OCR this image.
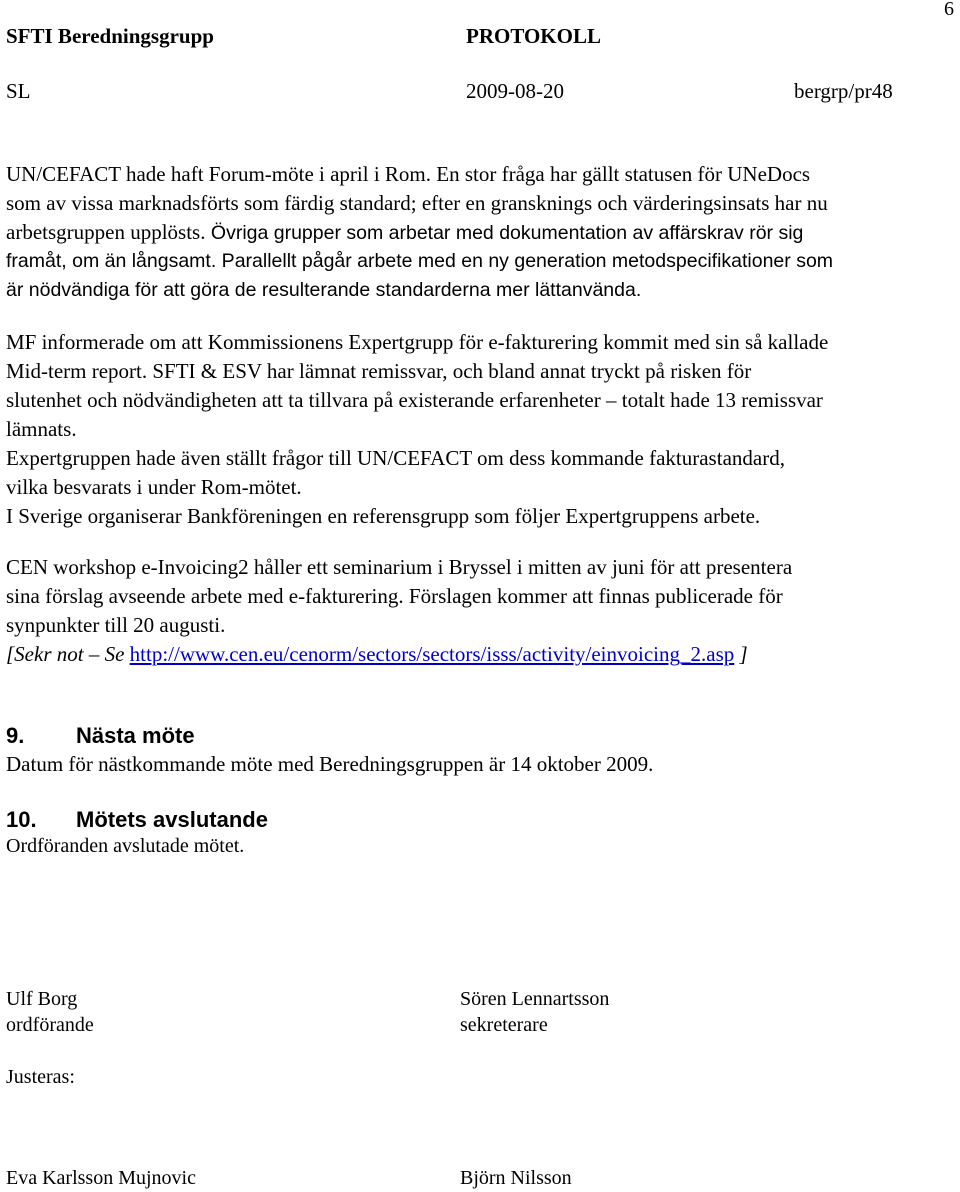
6
SFTI Beredningsgrupp	PROTOKOLL
SL	2009-08-20	bergrp/pr48
UN/CEFACT hade haft Forum-möte i april i Rom. En stor fråga har gällt statusen för UNeDocs
som av vissa marknadsförts som färdig standard; efter en gransknings och värderingsinsats har nu
arbetsgruppen upplösts. Övriga grupper som arbetar med dokumentation av affärskrav rör sig
framåt, om än långsamt. Parallellt pågår arbete med en ny generation metodspecifikationer som
är nödvändiga för att göra de resulterande standarderna mer lättanvända.
MF informerade om att Kommissionens Expertgrupp för e-fakturering kommit med sin så kallade
Mid-term report. SFTI & ESV har lämnat remissvar, och bland annat tryckt på risken för
slutenhet och nödvändigheten att ta tillvara på existerande erfarenheter – totalt hade 13 remissvar
lämnats.
Expertgruppen hade även ställt frågor till UN/CEFACT om dess kommande fakturastandard,
vilka besvarats i under Rom-mötet.
I Sverige organiserar Bankföreningen en referensgrupp som följer Expertgruppens arbete.
CEN workshop e-Invoicing2 håller ett seminarium i Bryssel i mitten av juni för att presentera
sina förslag avseende arbete med e-fakturering. Förslagen kommer att finnas publicerade för
synpunkter till 20 augusti.
[Sekr not – Se http://www.cen.eu/cenorm/sectors/sectors/isss/activity/einvoicing_2.asp ]
9. Nästa möte
Datum för nästkommande möte med Beredningsgruppen är 14 oktober 2009.
10. Mötets avslutande
Ordföranden avslutade mötet.
Ulf Borg
ordförande
Sören Lennartsson
sekreterare
Justeras:
Eva Karlsson Mujnovic	Björn Nilsson
